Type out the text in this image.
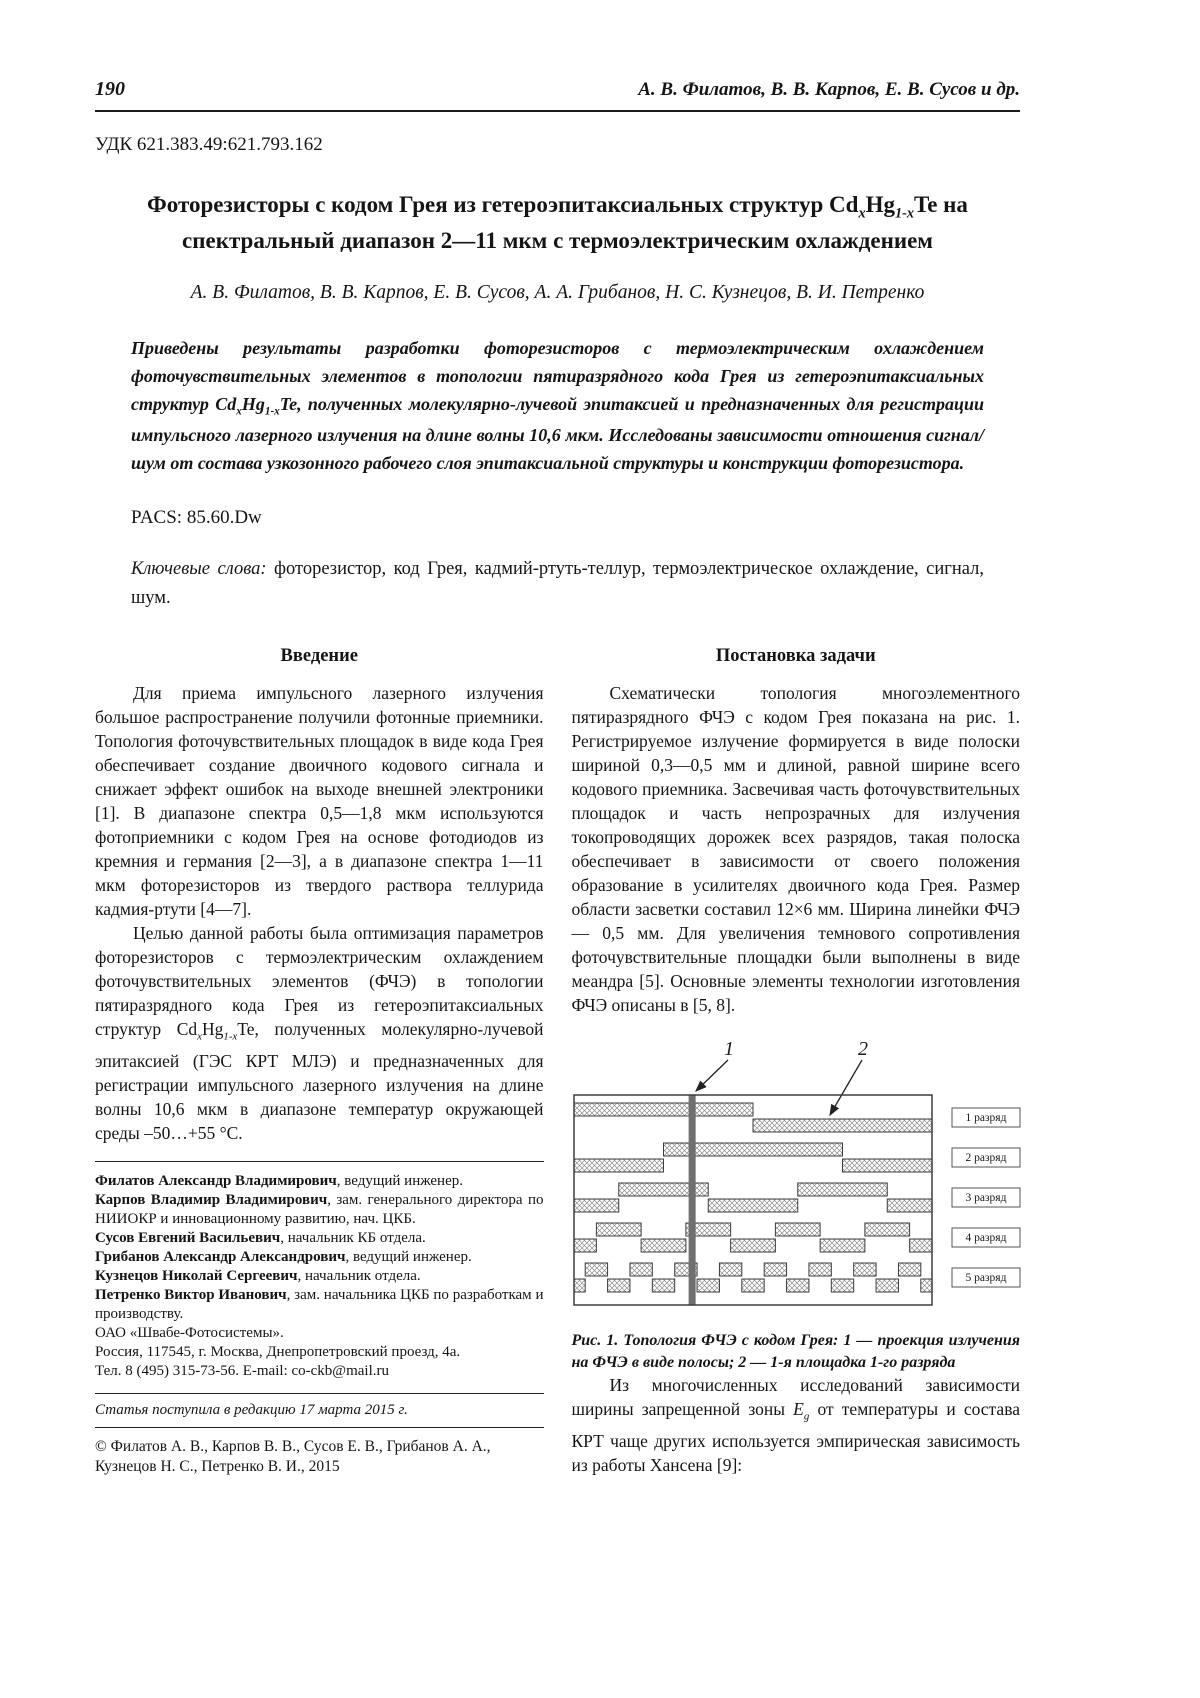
190	А. В. Филатов, В. В. Карпов, Е. В. Сусов и др.
УДК 621.383.49:621.793.162
Фоторезисторы с кодом Грея из гетероэпитаксиальных структур $Cd_xHg_{1-x}Te$ на спектральный диапазон 2—11 мкм с термоэлектрическим охлаждением
А. В. Филатов, В. В. Карпов, Е. В. Сусов, А. А. Грибанов, Н. С. Кузнецов, В. И. Петренко

Приведены результаты разработки фоторезисторов с термоэлектрическим охлаждением фоточувствительных элементов в топологии пятиразрядного кода Грея из гетероэпитаксиальных структур $Cd_xHg_{1-x}Te$, полученных молекулярно-лучевой эпитаксией и предназначенных для регистрации импульсного лазерного излучения на длине волны 10,6 мкм. Исследованы зависимости отношения сигнал/шум от состава узкозонного рабочего слоя эпитаксиальной структуры и конструкции фоторезистора.

PACS: 85.60.Dw

Ключевые слова: фоторезистор, код Грея, кадмий-ртуть-теллур, термоэлектрическое охлаждение, сигнал, шум.

Введение

Для приема импульсного лазерного излучения большое распространение получили фотонные приемники. Топология фоточувствительных площадок в виде кода Грея обеспечивает создание двоичного кодового сигнала и снижает эффект ошибок на выходе внешней электроники [1]. В диапазоне спектра 0,5—1,8 мкм используются фотоприемники с кодом Грея на основе фотодиодов из кремния и германия [2—3], а в диапазоне спектра 1—11 мкм фоторезисторов из твердого раствора теллурида кадмия-ртути [4—7].

Целью данной работы была оптимизация параметров фоторезисторов с термоэлектрическим охлаждением фоточувствительных элементов (ФЧЭ) в топологии пятиразрядного кода Грея из гетероэпитаксиальных структур $Cd_xHg_{1-x}Te$, полученных молекулярно-лучевой эпитаксией (ГЭС КРТ МЛЭ) и предназначенных для регистрации импульсного лазерного излучения на длине волны 10,6 мкм в диапазоне температур окружающей среды –50…+55 °С.

Филатов Александр Владимирович, ведущий инженер.

Карпов Владимир Владимирович, зам. генерального директора по НИИОКР и инновационному развитию, нач. ЦКБ.

Сусов Евгений Васильевич, начальник КБ отдела.

Грибанов Александр Александрович, ведущий инженер.

Кузнецов Николай Сергеевич, начальник отдела.

Петренко Виктор Иванович, зам. начальника ЦКБ по разработкам и производству.

ОАО «Швабе-Фотосистемы».

Россия, 117545, г. Москва, Днепропетровский проезд, 4а.

Тел. 8 (495) 315-73-56. E-mail: co-ckb@mail.ru

Статья поступила в редакцию 17 марта 2015 г.
© Филатов А. В., Карпов В. В., Сусов Е. В., Грибанов А. А., Кузнецов Н. С., Петренко В. И., 2015
Постановка задачи

Схематически топология многоэлементного пятиразрядного ФЧЭ с кодом Грея показана на рис. 1. Регистрируемое излучение формируется в виде полоски шириной 0,3—0,5 мм и длиной, равной ширине всего кодового приемника. Засвечивая часть фоточувствительных площадок и часть непрозрачных для излучения токопроводящих дорожек всех разрядов, такая полоска обеспечивает в зависимости от своего положения образование в усилителях двоичного кода Грея. Размер области засветки составил 12×6 мм. Ширина линейки ФЧЭ — 0,5 мм. Для увеличения темнового сопротивления фоточувствительные площадки были выполнены в виде меандра [5]. Основные элементы технологии изготовления ФЧЭ описаны в [5, 8].

1	2
1 разряд
2 разряд
3 разряд
4 разряд
5 разряд
Рис. 1. Топология ФЧЭ с кодом Грея: 1 — проекция излучения на ФЧЭ в виде полосы; 2 — 1-я площадка 1-го разряда

Из многочисленных исследований зависимости ширины запрещенной зоны $E_g$ от температуры и состава КРТ чаще других используется эмпирическая зависимость из работы Хансена [9]:
